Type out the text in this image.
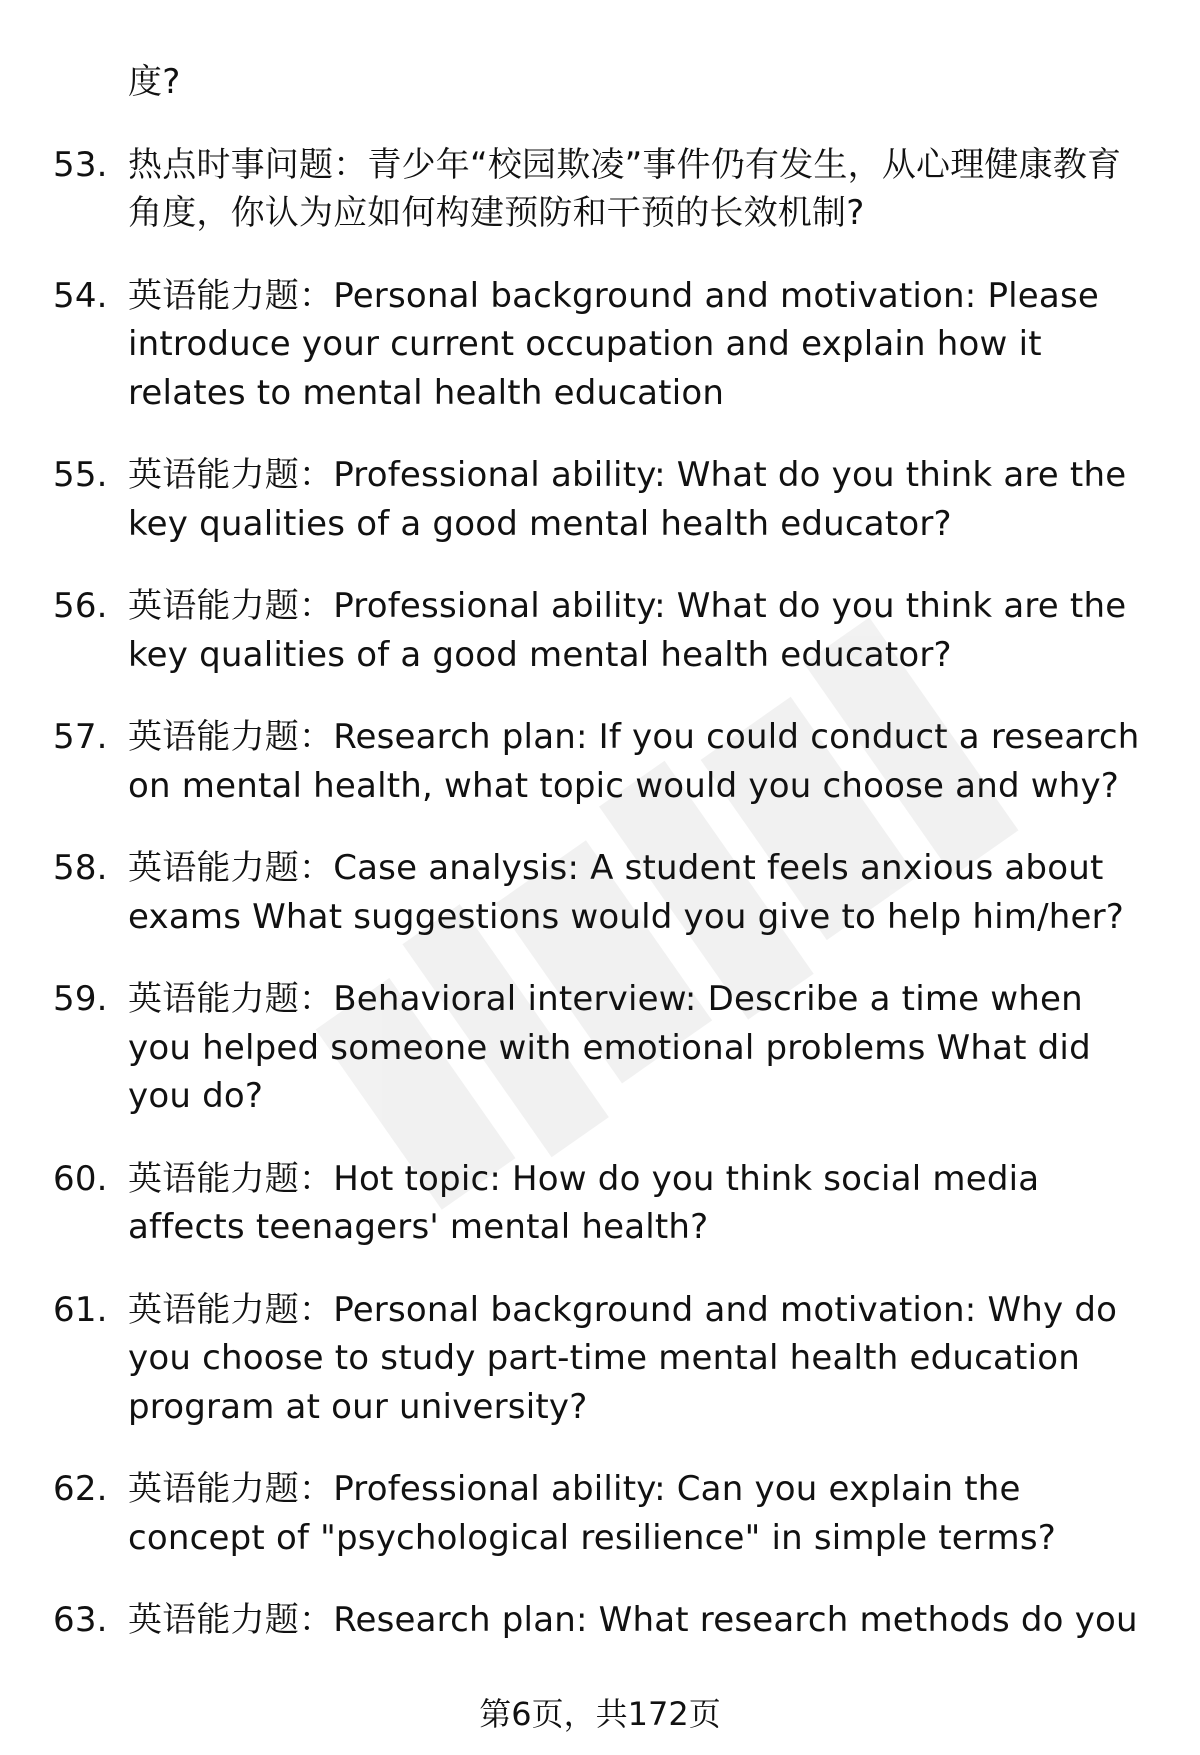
度?
53. 热点时事问题：青少年“校园欺凌”事件仍有发生，从心理健康教育角度，你认为应如何构建预防和干预的长效机制?
54. 英语能力题：Personal background and motivation: Please introduce your current occupation and explain how it relates to mental health education
55. 英语能力题：Professional ability: What do you think are the key qualities of a good mental health educator?
56. 英语能力题：Professional ability: What do you think are the key qualities of a good mental health educator?
57. 英语能力题：Research plan: If you could conduct a research on mental health, what topic would you choose and why?
58. 英语能力题：Case analysis: A student feels anxious about exams What suggestions would you give to help him/her?
59. 英语能力题：Behavioral interview: Describe a time when you helped someone with emotional problems What did you do?
60. 英语能力题：Hot topic: How do you think social media affects teenagers' mental health?
61. 英语能力题：Personal background and motivation: Why do you choose to study part-time mental health education program at our university?
62. 英语能力题：Professional ability: Can you explain the concept of "psychological resilience" in simple terms?
63. 英语能力题：Research plan: What research methods do you
第6页，共172页
